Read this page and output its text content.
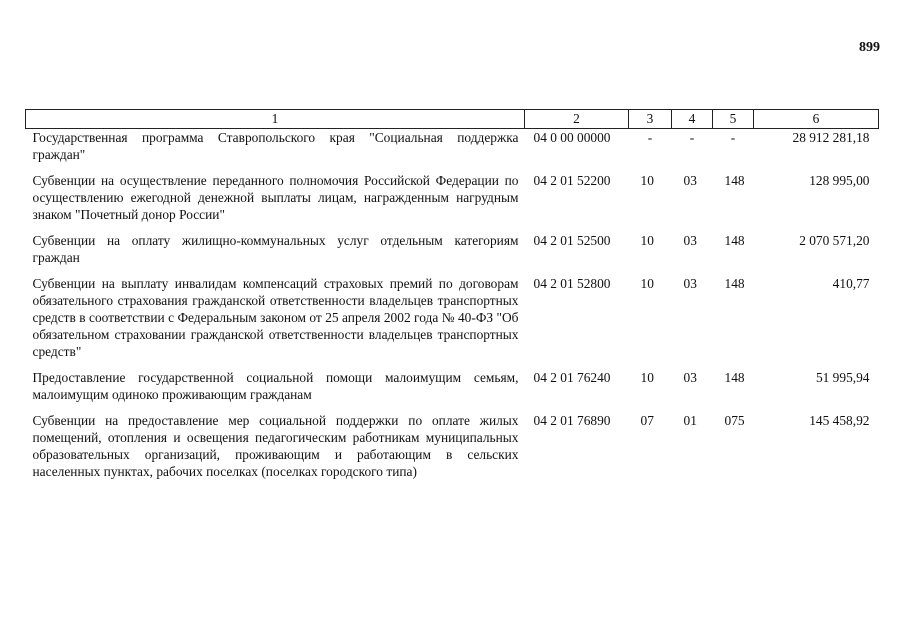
899
1	2	3	4	5	6
Государственная программа Ставропольского края "Социальная поддержка граждан"	04 0 00 00000	-	-	-	28 912 281,18
Субвенции на осуществление переданного полномочия Российской Федерации по осуществлению ежегодной денежной выплаты лицам, награжденным нагрудным знаком "Почетный донор России"	04 2 01 52200	10	03	148	128 995,00
Субвенции на оплату жилищно-коммунальных услуг отдельным категориям граждан	04 2 01 52500	10	03	148	2 070 571,20
Субвенции на выплату инвалидам компенсаций страховых премий по договорам обязательного страхования гражданской ответственности владельцев транспортных средств в соответствии с Федеральным законом от 25 апреля 2002 года № 40-ФЗ "Об обязательном страховании гражданской ответственности владельцев транспортных средств"	04 2 01 52800	10	03	148	410,77
Предоставление государственной социальной помощи малоимущим семьям, малоимущим одиноко проживающим гражданам	04 2 01 76240	10	03	148	51 995,94
Субвенции на предоставление мер социальной поддержки по оплате жилых помещений, отопления и освещения педагогическим работникам муниципальных образовательных организаций, проживающим и работающим в сельских населенных пунктах, рабочих поселках (поселках городского типа)	04 2 01 76890	07	01	075	145 458,92
